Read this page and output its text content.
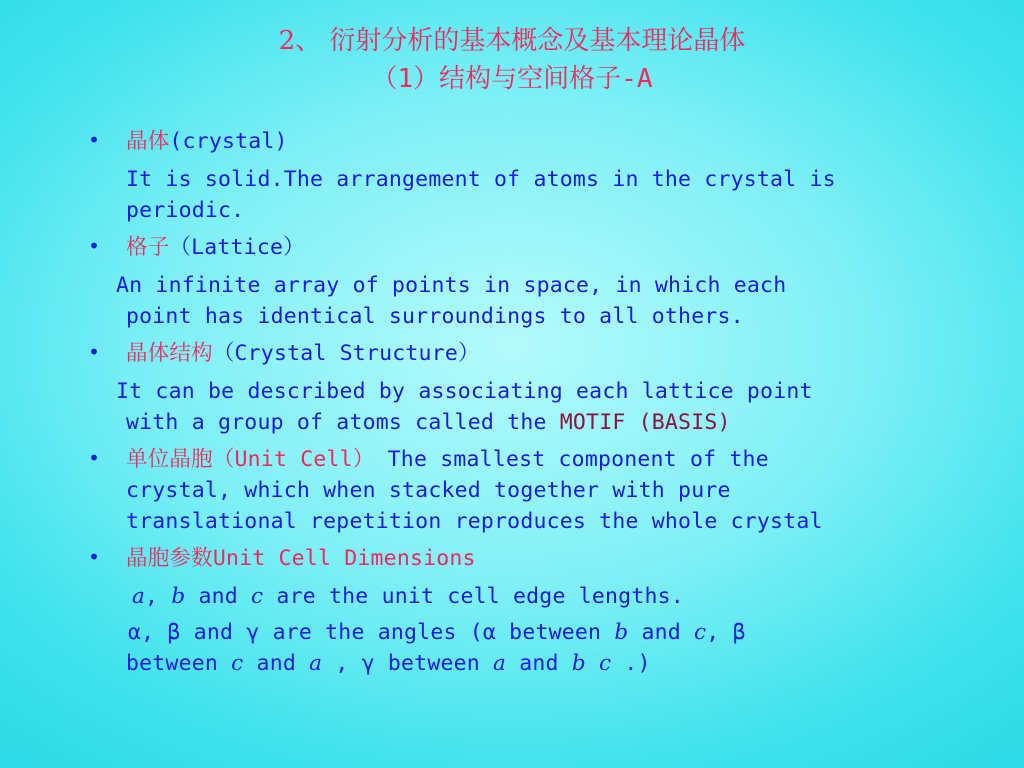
2、 衍射分析的基本概念及基本理论晶体
（1）结构与空间格子-A
• 晶体(crystal)
It is solid.The arrangement of atoms in the crystal is
periodic.
• 格子（Lattice）
An infinite array of points in space, in which each
point has identical surroundings to all others.
• 晶体结构（Crystal Structure）
It can be described by associating each lattice point
with a group of atoms called the MOTIF (BASIS)
• 单位晶胞（Unit Cell） The smallest component of the
crystal, which when stacked together with pure
translational repetition reproduces the whole crystal
• 晶胞参数Unit Cell Dimensions
a, b and c are the unit cell edge lengths.
α, β and γ are the angles (α between b and c, β
between c and a , γ between a and b c .)
